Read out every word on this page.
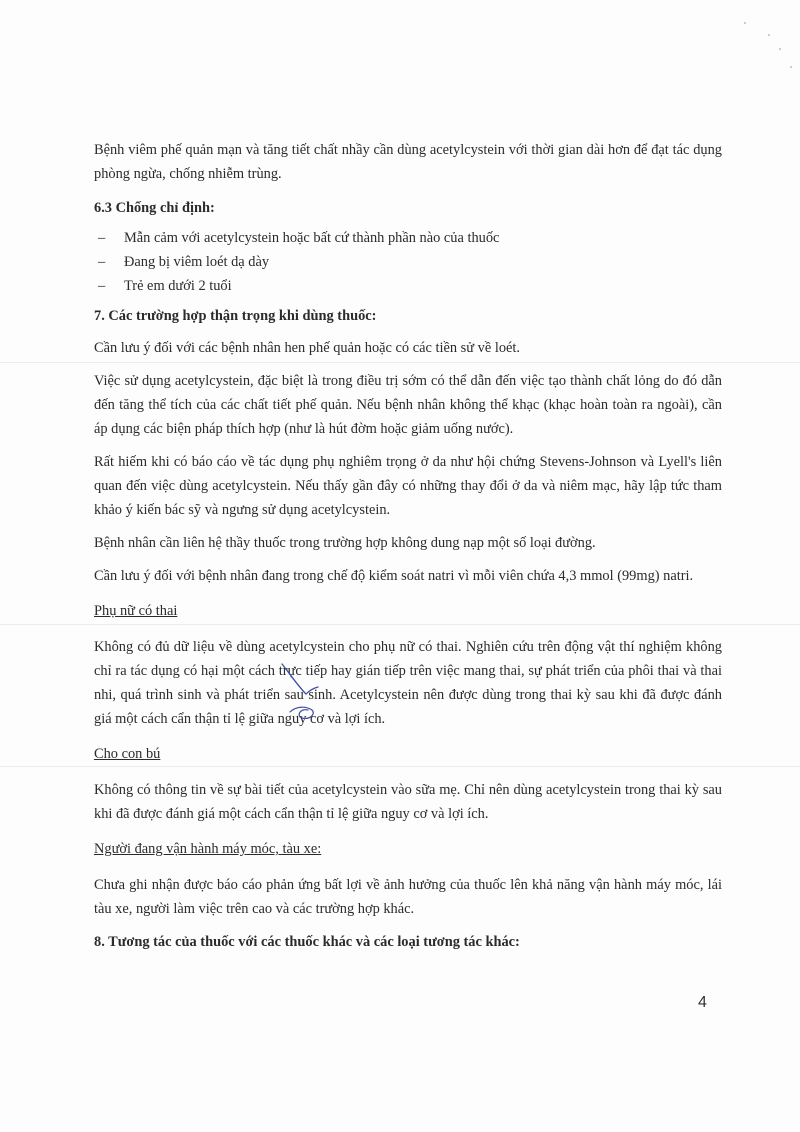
Bệnh viêm phế quản mạn và tăng tiết chất nhầy cần dùng acetylcystein với thời gian dài hơn để đạt tác dụng phòng ngừa, chống nhiễm trùng.

6.3 Chống chỉ định:

– Mẫn cảm với acetylcystein hoặc bất cứ thành phần nào của thuốc
– Đang bị viêm loét dạ dày
– Trẻ em dưới 2 tuổi

7. Các trường hợp thận trọng khi dùng thuốc:

Cần lưu ý đối với các bệnh nhân hen phế quản hoặc có các tiền sử về loét.

Việc sử dụng acetylcystein, đặc biệt là trong điều trị sớm có thể dẫn đến việc tạo thành chất lỏng do đó dẫn đến tăng thể tích của các chất tiết phế quản. Nếu bệnh nhân không thể khạc (khạc hoàn toàn ra ngoài), cần áp dụng các biện pháp thích hợp (như là hút đờm hoặc giảm uống nước).

Rất hiếm khi có báo cáo về tác dụng phụ nghiêm trọng ở da như hội chứng Stevens-Johnson và Lyell's liên quan đến việc dùng acetylcystein. Nếu thấy gần đây có những thay đổi ở da và niêm mạc, hãy lập tức tham khảo ý kiến bác sỹ và ngưng sử dụng acetylcystein.

Bệnh nhân cần liên hệ thầy thuốc trong trường hợp không dung nạp một số loại đường.

Cần lưu ý đối với bệnh nhân đang trong chế độ kiểm soát natri vì mỗi viên chứa 4,3 mmol (99mg) natri.

Phụ nữ có thai

Không có đủ dữ liệu về dùng acetylcystein cho phụ nữ có thai. Nghiên cứu trên động vật thí nghiệm không chỉ ra tác dụng có hại một cách trực tiếp hay gián tiếp trên việc mang thai, sự phát triển của phôi thai và thai nhi, quá trình sinh và phát triển sau sinh. Acetylcystein nên được dùng trong thai kỳ sau khi đã được đánh giá một cách cẩn thận tỉ lệ giữa nguy cơ và lợi ích.

Cho con bú

Không có thông tin về sự bài tiết của acetylcystein vào sữa mẹ. Chỉ nên dùng acetylcystein trong thai kỳ sau khi đã được đánh giá một cách cẩn thận tỉ lệ giữa nguy cơ và lợi ích.

Người đang vận hành máy móc, tàu xe:

Chưa ghi nhận được báo cáo phản ứng bất lợi về ảnh hưởng của thuốc lên khả năng vận hành máy móc, lái tàu xe, người làm việc trên cao và các trường hợp khác.

8. Tương tác của thuốc với các thuốc khác và các loại tương tác khác:

4
